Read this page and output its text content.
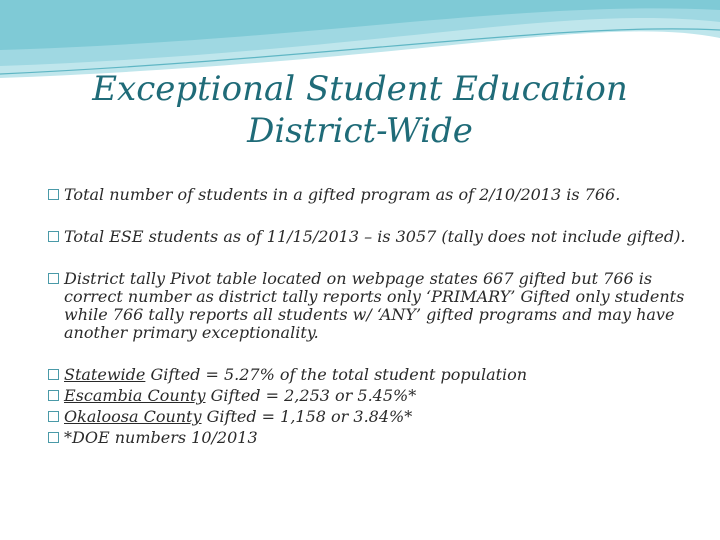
Exceptional Student Education
District-Wide
Total number of students in a gifted program as of 2/10/2013 is 766.
Total ESE students as of 11/15/2013 – is 3057 (tally does not include gifted).
District tally Pivot table located on webpage states 667 gifted but 766 is correct number as district tally reports only ‘PRIMARY’ Gifted only students while 766 tally reports all students w/ ‘ANY’ gifted programs and may have another primary exceptionality.
Statewide Gifted = 5.27% of the total student population
Escambia County Gifted = 2,253 or 5.45%*
Okaloosa County Gifted = 1,158 or 3.84%*
*DOE numbers 10/2013
